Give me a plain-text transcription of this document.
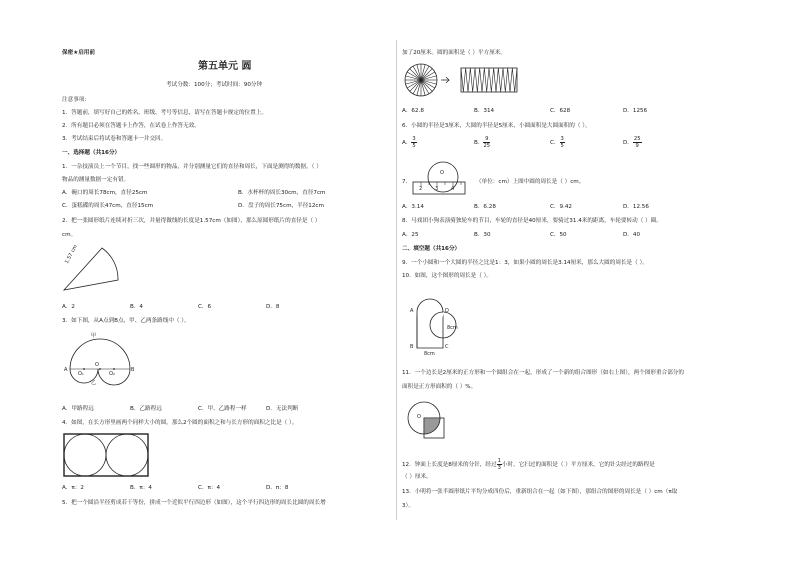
保密★启用前
第五单元 圆
考试分数：100分；考试时间：90分钟
注意事项：
1．答题前，填写好自己的姓名、班级、考号等信息，请写在答题卡规定的位置上。
2．所有题目必须在答题卡上作答，在试卷上作答无效。
3．考试结束后将试卷和答题卡一并交回。
一、选择题（共16分）
1．一杂技演员上一个节目，找一些圆形的物品，并分别测量它们的直径和周长，下面是测得的数据。（ ）
物品的测量数据一定有错。
A．碗口的周长78cm，直径25cm	B．水杯杯的周长30cm，直径7cm
C．蛋糕碟的周长47cm，直径15cm	D．盘子的周长75cm，半径12cm
2．把一张圆形纸片连续对折三次，并量得做线的长度是1.57cm（如图），那么原圆形纸片的直径是（ ）
cm。
1.57 cm
A．2	B．4	C．6	D．8
3．如下图，从A点到B点，甲、乙两条路线中（ ）。
甲
A
O
O₁	O₂
B
乙
A．甲路程远	B．乙路程远	C．甲、乙路程一样	D．无法判断
4．如图，在长方形里画两个同样大小的圆。那么2个圆的面积之和与长方形的面积之比是（ ）。
A．π：2	B．π：4	C．π：4	D．π：8
5．把一个圆沿半径剪成若干等份，拼成一个近似平行四边形（如图），这个平行四边形的周长比圆的周长增
加了20厘米。圆的面积是（ ）平方厘米。
A．62.8	B．314	C．628	D．1256
6．小圆的半径是3厘米，大圆的半径是5厘米，小圆面积是大圆面积的（ ）。
A． $\frac{3}{5}$	B． $\frac{9}{25}$	C． $\frac{3}{5}$	D． $\frac{25}{9}$
7．
O
2	3	4
（单位：cm）上图中圆的周长是（ ）cm。
A．3.14	B．6.28	C．9.42	D．12.56
8．马戏团小狗表演骑独轮车的节目，车轮的直径是40厘米，要骑过31.4米的距离，车轮要转动（ ）圈。
A．25	B．30	C．50	D．40
二、填空题（共16分）
9．一个小圆和一个大圆的半径之比是1：3，如果小圆的周长是3.14厘米，那么大圆的周长是（ ）。
10．如图，这个图形的周长是（ ）。
A	D
B	C
8cm
8cm
11．一个边长是2厘米的正方形和一个圆组合在一起，形成了一个新的组合图形（如右上图），两个图形重合部分的
面积是正方形面积的（ ）%。
O
12．钟面上长度是8厘米的分针，经过 $\frac{1}{3}$ 小时。它扫过的面积是（ ）平方厘米，它的针尖经过的路程是
（ ）厘米。
13．小明将一张半圆形纸片平均分成四份后，重新组合在一起（如下图），那组合的图形的周长是（ ）cm（π取
3）。
